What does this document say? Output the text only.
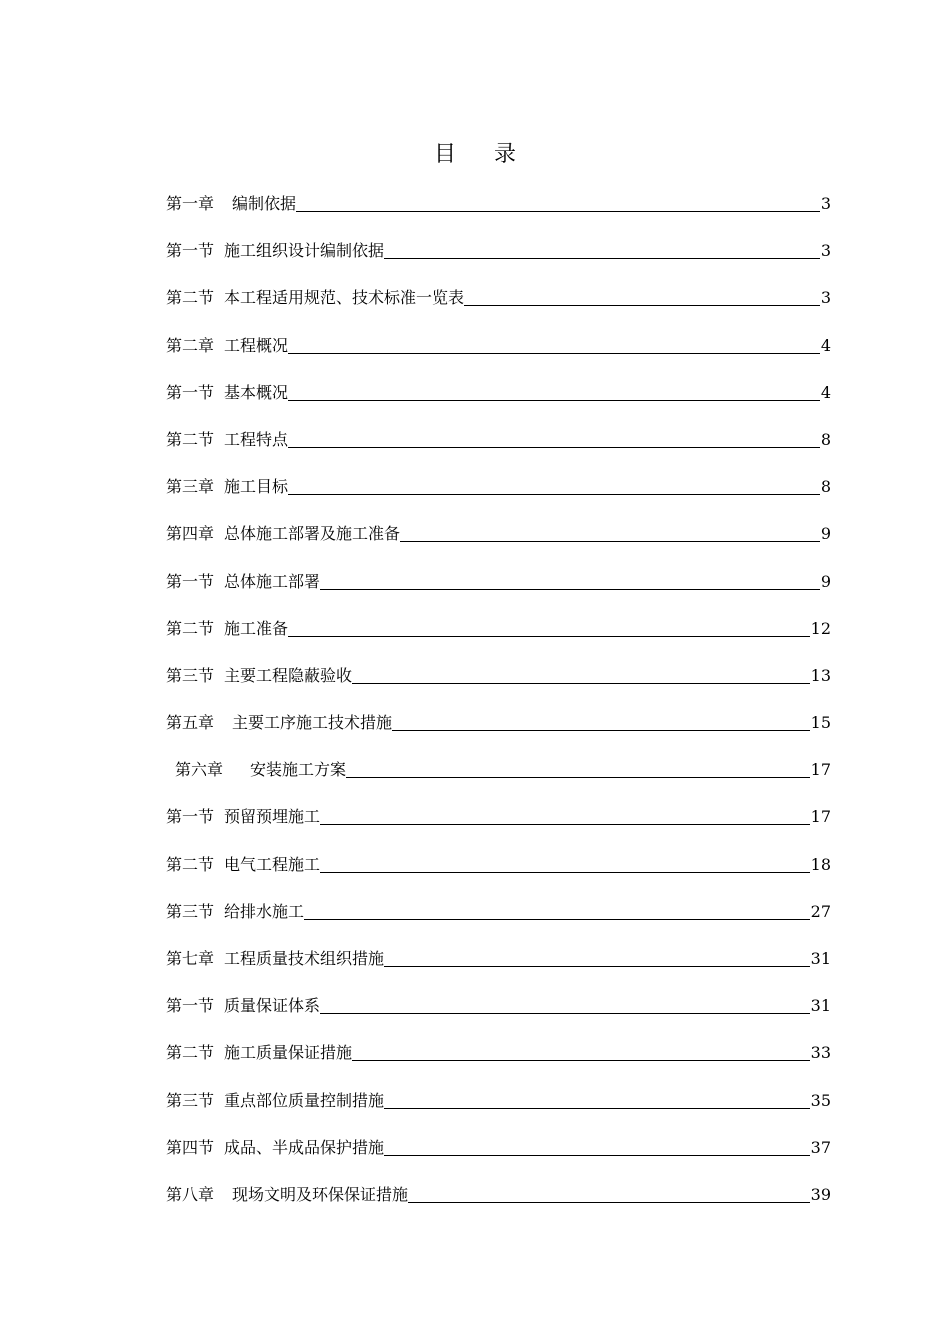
目 录
第一章 编制依据	3
第一节 施工组织设计编制依据	3
第二节 本工程适用规范、技术标准一览表	3
第二章 工程概况	4
第一节 基本概况	4
第二节 工程特点	8
第三章 施工目标	8
第四章 总体施工部署及施工准备	9
第一节 总体施工部署	9
第二节 施工准备	12
第三节 主要工程隐蔽验收	13
第五章 主要工序施工技术措施	15
第六章 安装施工方案	17
第一节 预留预埋施工	17
第二节 电气工程施工	18
第三节 给排水施工	27
第七章 工程质量技术组织措施	31
第一节 质量保证体系	31
第二节 施工质量保证措施	33
第三节 重点部位质量控制措施	35
第四节 成品、半成品保护措施	37
第八章 现场文明及环保保证措施	39
